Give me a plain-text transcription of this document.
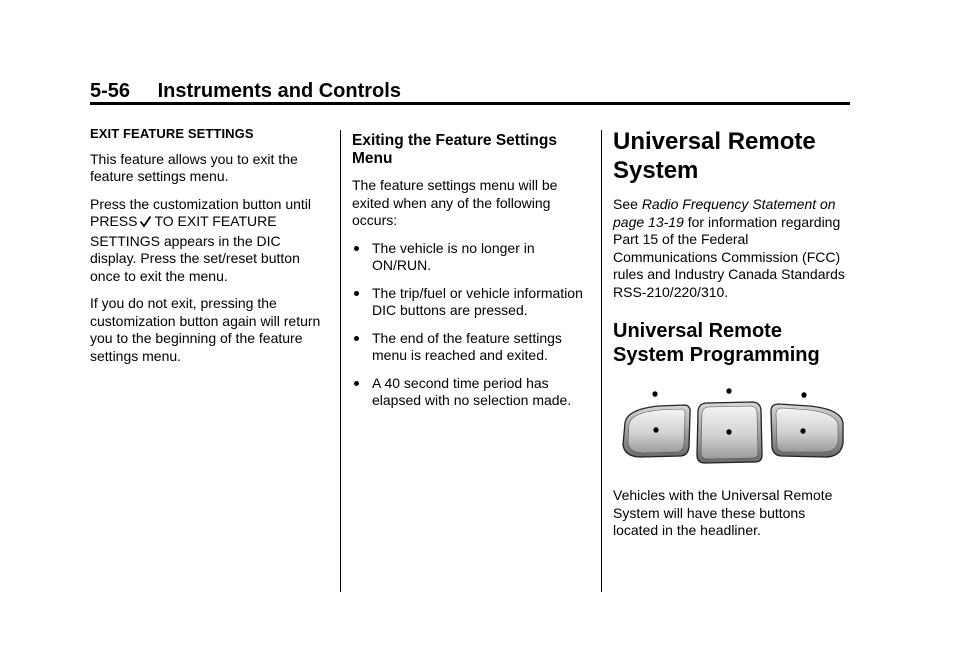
5-56 Instruments and Controls

EXIT FEATURE SETTINGS

This feature allows you to exit the feature settings menu.

Press the customization button until PRESS TO EXIT FEATURE SETTINGS appears in the DIC display. Press the set/reset button once to exit the menu.

If you do not exit, pressing the customization button again will return you to the beginning of the feature settings menu.

Exiting the Feature Settings Menu

The feature settings menu will be exited when any of the following occurs:

The vehicle is no longer in ON/RUN.
The trip/fuel or vehicle information DIC buttons are pressed.
The end of the feature settings menu is reached and exited.
A 40 second time period has elapsed with no selection made.

Universal Remote System

See Radio Frequency Statement on page 13-19 for information regarding Part 15 of the Federal Communications Commission (FCC) rules and Industry Canada Standards RSS-210/220/310.

Universal Remote System Programming

Vehicles with the Universal Remote System will have these buttons located in the headliner.
